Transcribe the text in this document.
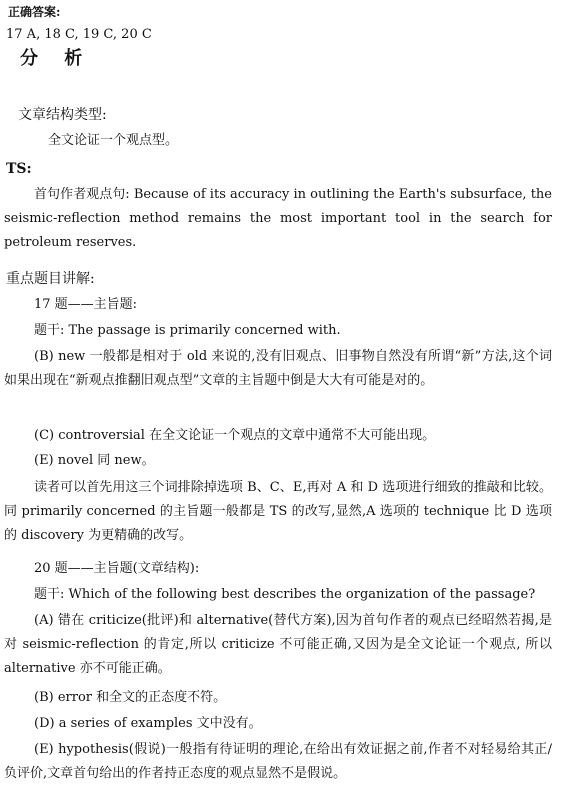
正确答案:
17 A, 18 C, 19 C, 20 C
分 析
文章结构类型:
全文论证一个观点型。
TS:
首句作者观点句: Because of its accuracy in outlining the Earth's subsurface, the seismic-reflection method remains the most important tool in the search for petroleum reserves.
重点题目讲解:
17 题——主旨题:
题干: The passage is primarily concerned with.
(B) new 一般都是相对于 old 来说的,没有旧观点、旧事物自然没有所谓“新”方法,这个词如果出现在“新观点推翻旧观点型”文章的主旨题中倒是大大有可能是对的。
(C) controversial 在全文论证一个观点的文章中通常不大可能出现。
(E) novel 同 new。
读者可以首先用这三个词排除掉选项 B、C、E,再对 A 和 D 选项进行细致的推敲和比较。同 primarily concerned 的主旨题一般都是 TS 的改写,显然,A 选项的 technique 比 D 选项的 discovery 为更精确的改写。
20 题——主旨题(文章结构):
题干: Which of the following best describes the organization of the passage?
(A) 错在 criticize(批评)和 alternative(替代方案),因为首句作者的观点已经昭然若揭,是对 seismic-reflection 的肯定,所以 criticize 不可能正确,又因为是全文论证一个观点, 所以 alternative 亦不可能正确。
(B) error 和全文的正态度不符。
(D) a series of examples 文中没有。
(E) hypothesis(假说)一般指有待证明的理论,在给出有效证据之前,作者不对轻易给其正/负评价,文章首句给出的作者持正态度的观点显然不是假说。
